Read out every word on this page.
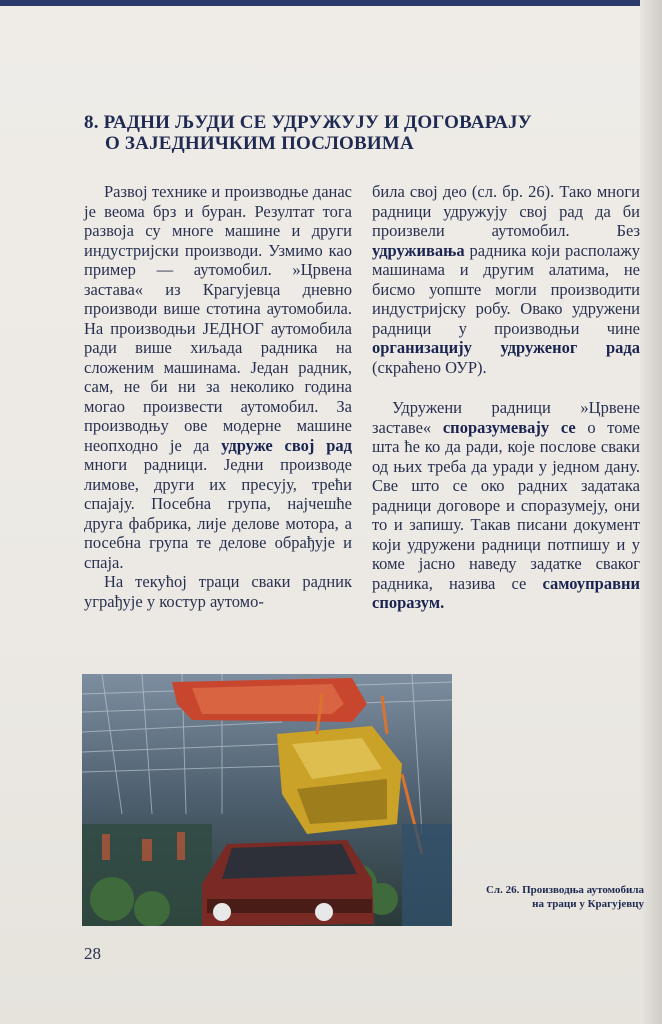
8. РАДНИ ЉУДИ СЕ УДРУЖУЈУ И ДОГОВАРАЈУ
О ЗАЈЕДНИЧКИМ ПОСЛОВИМА

Развој технике и производње данас је веома брз и буран. Резултат тога развоја су многе машине и други индустријски производи. Узмимо као пример — аутомобил. »Црвена застава« из Крагујевца дневно производи више стотина аутомобила. На производњи ЈЕДНОГ аутомобила ради више хиљада радника на сложеним машинама. Један радник, сам, не би ни за неколико година могао произвести аутомобил. За производњу ове модерне машине неопходно је да удруже свој рад многи радници. Једни производе лимове, други их пресују, трећи спајају. Посебна група, најчешће друга фабрика, лије делове мотора, а посебна група те делове обрађује и спаја.

На текућој траци сваки радник уграђује у костур аутомо-

била свој део (сл. бр. 26). Тако многи радници удружују свој рад да би произвели аутомобил. Без удруживања радника који располажу машинама и другим алатима, не бисмо уопште могли производити индустријску робу. Овако удружени радници у производњи чине организацију удруженог рада (скраћено ОУР).

Удружени радници »Црвене заставе« споразумевају се о томе шта ће ко да ради, које послове сваки од њих треба да уради у једном дану. Све што се око радних задатака радници договоре и споразумеју, они то и запишу. Такав писани документ који удружени радници потпишу и у коме јасно наведу задатке сваког радника, назива се самоуправни споразум.

Сл. 26. Производња аутомобила на траци у Крагујевцу
28
